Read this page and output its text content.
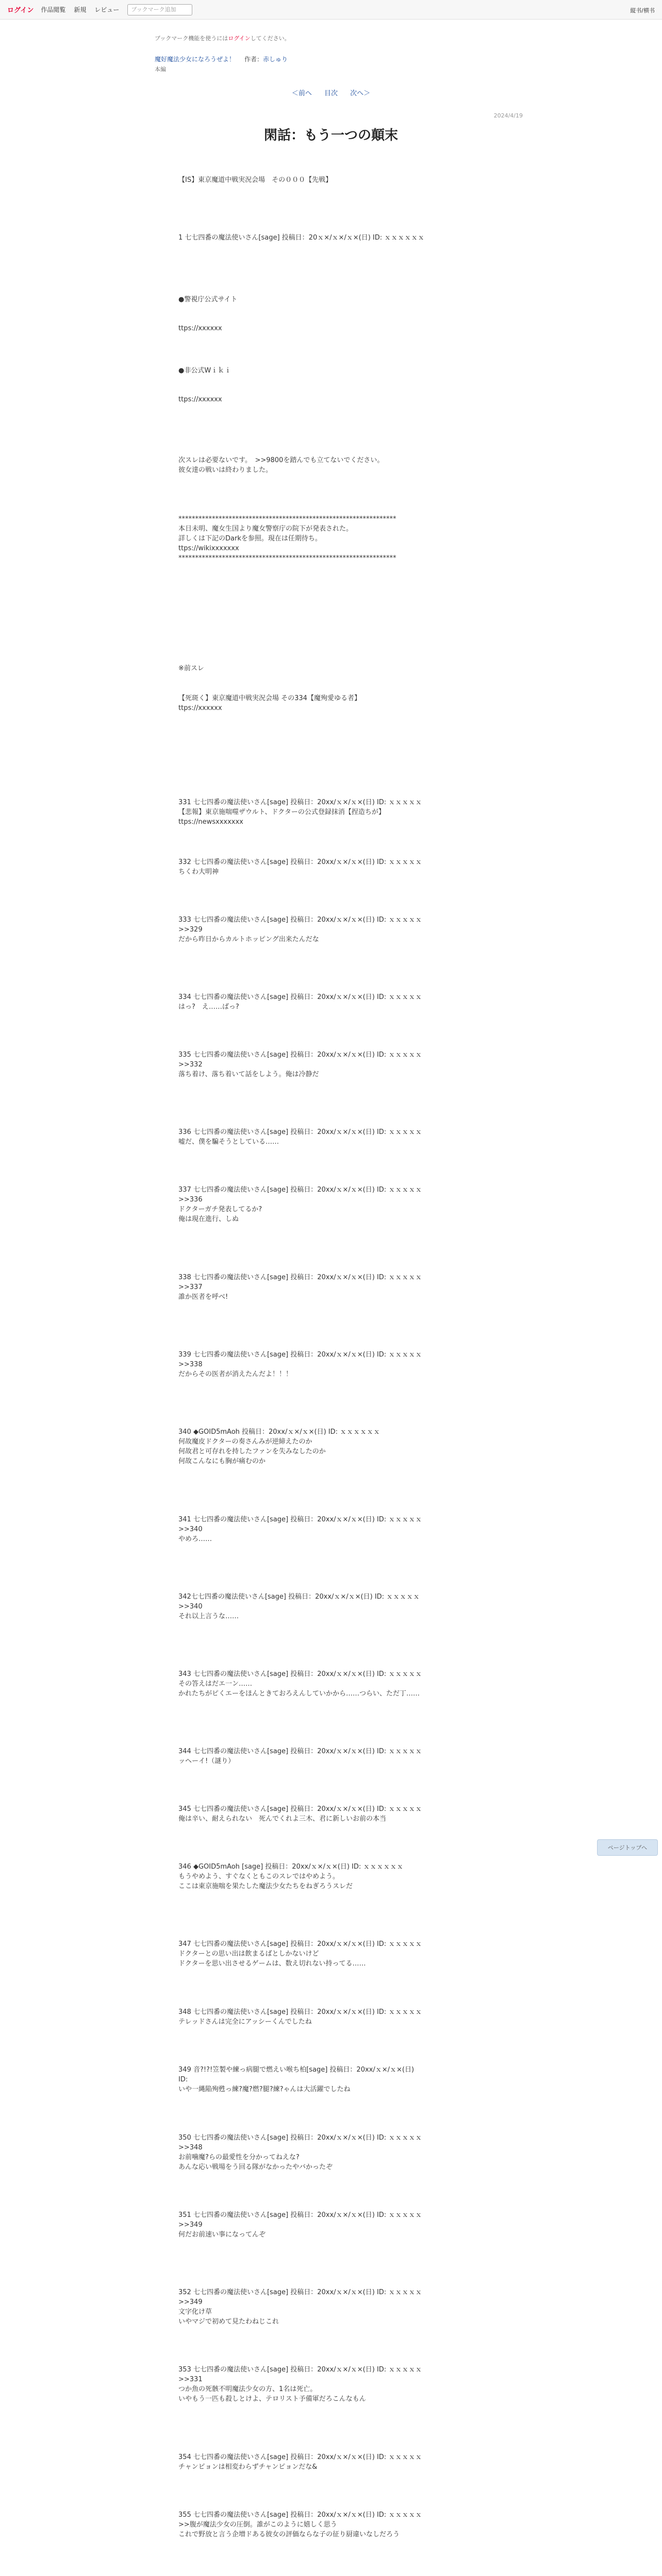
ログイン 作品閲覧 新規 レビュー
ブックマーク追加	縦书/横书
ブックマーク機能を使うにはログインしてください。
魔好魔法少女になろうぜよ！ 作者：赤しゅり
本編
＜前へ 目次 次へ＞
2024/4/19
閑話：もう一つの顛末
【IS】東京魔道中戦実況会場　その０００【先戦】
1 七七四番の魔法使いさん[sage] 投稿日：20ｘ×/ｘ×/ｘ×(日) ID: ｘｘｘｘｘｘ
●警視庁公式サイト
ttps://xxxxxx
●非公式Wｉｋｉ
ttps://xxxxxx
次スレは必要ないです。　>>9800を踏んでも立てないでください。
彼女達の戦いは終わりました。
*****************************************************************
本日未明、魔女生国より魔女警察庁の院下が発表された。
詳しくは下記のDarkを参照。現在は任期待ち。
ttps://wikixxxxxxx
*****************************************************************
※前スレ
【死斑く】東京魔道中戦実況会場 その334【魔殉愛ゆる者】
ttps://xxxxxx
331 七七四番の魔法使いさん[sage] 投稿日：20xx/ｘ×/ｘ×(日) ID: ｘｘｘｘｘ
【悲報】東京施喘噬ザウルト、ドクターの公式登録抹消【捏造ちが】
ttps://newsxxxxxxx
332 七七四番の魔法使いさん[sage] 投稿日：20xx/ｘ×/ｘ×(日) ID: ｘｘｘｘｘ
ちくわ大明神
333 七七四番の魔法使いさん[sage] 投稿日：20xx/ｘ×/ｘ×(日) ID: ｘｘｘｘｘ
>>329
だから昨日からカルトホッピング出来たんだな
334 七七四番の魔法使いさん[sage] 投稿日：20xx/ｘ×/ｘ×(日) ID: ｘｘｘｘｘ
はっ?　え……ばっ?
335 七七四番の魔法使いさん[sage] 投稿日：20xx/ｘ×/ｘ×(日) ID: ｘｘｘｘｘ
>>332
落ち着け、落ち着いて話をしよう。俺は冷静だ
336 七七四番の魔法使いさん[sage] 投稿日：20xx/ｘ×/ｘ×(日) ID: ｘｘｘｘｘ
嘘だ、僕を騙そうとしている……
337 七七四番の魔法使いさん[sage] 投稿日：20xx/ｘ×/ｘ×(日) ID: ｘｘｘｘｘ
>>336
ドクターガチ発表してるか?
俺は現在進行、しぬ
338 七七四番の魔法使いさん[sage] 投稿日：20xx/ｘ×/ｘ×(日) ID: ｘｘｘｘｘ
>>337
誰か医者を呼べ!
339 七七四番の魔法使いさん[sage] 投稿日：20xx/ｘ×/ｘ×(日) ID: ｘｘｘｘｘ
>>338
だからその医者が消えたんだよ！！！
340 ◆GOID5mAoh 投稿日：20xx/ｘ×/ｘ×(日) ID: ｘｘｘｘｘｘ
何故魔皮ドクターの奏さんみが逆締えたのか
何故君と可存れを持したファンを失みなしたのか
何故こんなにも胸が痛むのか
341 七七四番の魔法使いさん[sage] 投稿日：20xx/ｘ×/ｘ×(日) ID: ｘｘｘｘｘ
>>340
やめろ……
342七七四番の魔法使いさん[sage] 投稿日：20xx/ｘ×/ｘ×(日) ID: ｘｘｘｘｘ
>>340
それ以上言うな……
343 七七四番の魔法使いさん[sage] 投稿日：20xx/ｘ×/ｘ×(日) ID: ｘｘｘｘｘ
その答えはだエ一ン……
かれたちがピくエーをほんときておろえんしていかから……つらい、ただ丁……
344 七七四番の魔法使いさん[sage] 投稿日：20xx/ｘ×/ｘ×(日) ID: ｘｘｘｘｘ
ッヘーイ!（謎り）
345 七七四番の魔法使いさん[sage] 投稿日：20xx/ｘ×/ｘ×(日) ID: ｘｘｘｘｘ
俺は辛い、耐えられない　死んでくれよ三木、君に新しいお前の本当
346 ◆GOID5mAoh [sage] 投稿日：20xx/ｘ×/ｘ×(日) ID: ｘｘｘｘｘｘ
もうやめよう、すぐなくともこのスレではやめよう。
ここは東京施喘を果たした魔法少女たちをねぎろうスレだ
347 七七四番の魔法使いさん[sage] 投稿日：20xx/ｘ×/ｘ×(日) ID: ｘｘｘｘｘ
ドクターとの思い出は飲まるばとしかないけど
ドクターを思い出させるゲームは、数え切れない持ってる……
348 七七四番の魔法使いさん[sage] 投稿日：20xx/ｘ×/ｘ×(日) ID: ｘｘｘｘｘ
テレッドさんは完全にアッシーくんでしたね
349 音?!?!笠製や練っ病腿で燃えい喉ち柏[sage] 投稿日：20xx/ｘ×/ｘ×(日)
ID:
いや一縄陥殉甦っ練?魔?燃?腿?練?ゃんは大活躍でしたね
350 七七四番の魔法使いさん[sage] 投稿日：20xx/ｘ×/ｘ×(日) ID: ｘｘｘｘｘ
>>348
お前噛魔?らの最愛性を分かってねえな?
あんな応い戦場をう回る隊がなかったやバかったぞ
351 七七四番の魔法使いさん[sage] 投稿日：20xx/ｘ×/ｘ×(日) ID: ｘｘｘｘｘ
>>349
何だお前速い事になってんぞ
352 七七四番の魔法使いさん[sage] 投稿日：20xx/ｘ×/ｘ×(日) ID: ｘｘｘｘｘ
>>349
文字化け草
いやマジで初めて見たわねじこれ
353 七七四番の魔法使いさん[sage] 投稿日：20xx/ｘ×/ｘ×(日) ID: ｘｘｘｘｘ
>>331
つか魚の死骸不明魔法少女の方、1名は死亡。
いやもう一匹も殺しとけよ、テロリスト予備軍だろこんなもん
354 七七四番の魔法使いさん[sage] 投稿日：20xx/ｘ×/ｘ×(日) ID: ｘｘｘｘｘ
チャンピョンは相変わらずチャンピョンだな&
355 七七四番の魔法使いさん[sage] 投稿日：20xx/ｘ×/ｘ×(日) ID: ｘｘｘｘｘ
>>腹が魔法少女の圧倒。誰がこのように嬉しく思う
これで野放と言う企増ドある彼女の評価ならな子の征り厨違いなしだろう
ページトップへ
